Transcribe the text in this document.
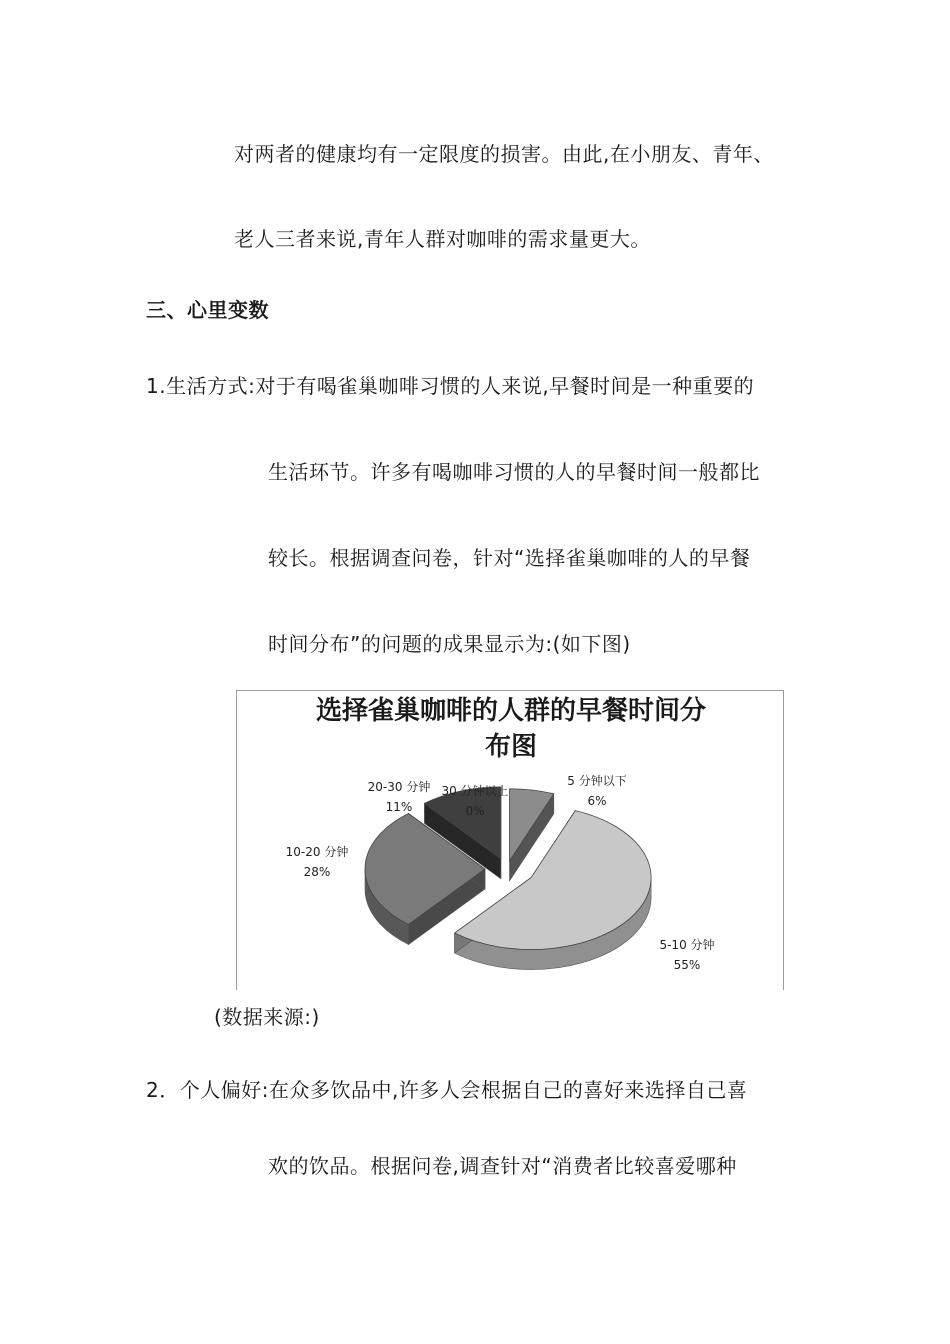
对两者的健康均有一定限度的损害。由此,在小朋友、青年、
老人三者来说,青年人群对咖啡的需求量更大。
三、心里变数
1.生活方式:对于有喝雀巢咖啡习惯的人来说,早餐时间是一种重要的
生活环节。许多有喝咖啡习惯的人的早餐时间一般都比
较长。根据调查问卷，针对“选择雀巢咖啡的人的早餐
时间分布”的问题的成果显示为:(如下图)
选择雀巢咖啡的人群的早餐时间分
布图
5 分钟以下
6%
5-10 分钟
55%
10-20 分钟
28%
20-30 分钟
11%
30 分钟以上
0%
(数据来源:)
2．个人偏好:在众多饮品中,许多人会根据自己的喜好来选择自己喜
欢的饮品。根据问卷,调查针对“消费者比较喜爱哪种
